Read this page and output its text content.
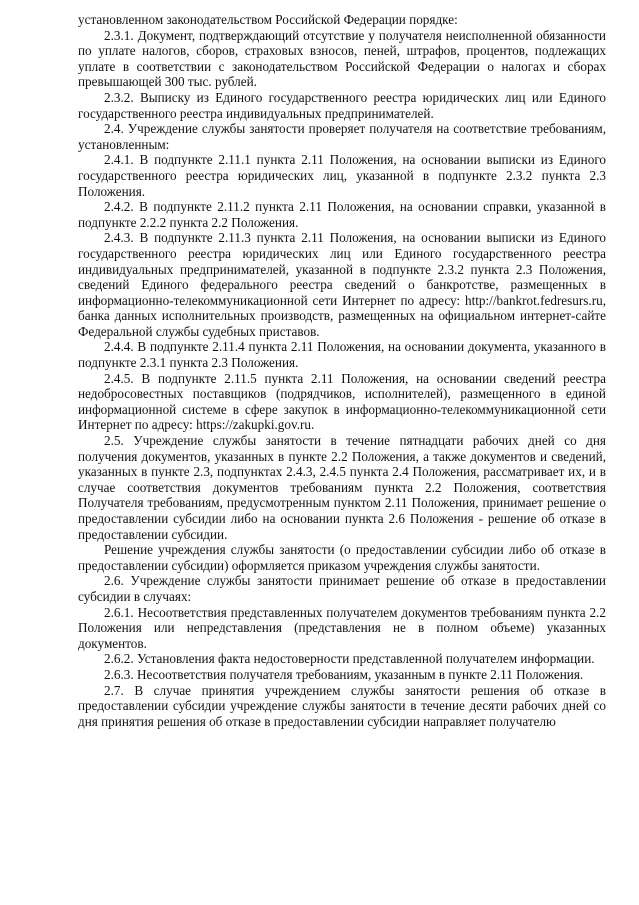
установленном законодательством Российской Федерации порядке:

2.3.1. Документ, подтверждающий отсутствие у получателя неисполненной обязанности по уплате налогов, сборов, страховых взносов, пеней, штрафов, процентов, подлежащих уплате в соответствии с законодательством Российской Федерации о налогах и сборах превышающей 300 тыс. рублей.

2.3.2. Выписку из Единого государственного реестра юридических лиц или Единого государственного реестра индивидуальных предпринимателей.

2.4. Учреждение службы занятости проверяет получателя на соответствие требованиям, установленным:

2.4.1. В подпункте 2.11.1 пункта 2.11 Положения, на основании выписки из Единого государственного реестра юридических лиц, указанной в подпункте 2.3.2 пункта 2.3 Положения.

2.4.2. В подпункте 2.11.2 пункта 2.11 Положения, на основании справки, указанной в подпункте 2.2.2 пункта 2.2 Положения.

2.4.3. В подпункте 2.11.3 пункта 2.11 Положения, на основании выписки из Единого государственного реестра юридических лиц или Единого государственного реестра индивидуальных предпринимателей, указанной в подпункте 2.3.2 пункта 2.3 Положения, сведений Единого федерального реестра сведений о банкротстве, размещенных в информационно-телекоммуникационной сети Интернет по адресу: http://bankrot.fedresurs.ru, банка данных исполнительных производств, размещенных на официальном интернет-сайте Федеральной службы судебных приставов.

2.4.4. В подпункте 2.11.4 пункта 2.11 Положения, на основании документа, указанного в подпункте 2.3.1 пункта 2.3 Положения.

2.4.5. В подпункте 2.11.5 пункта 2.11 Положения, на основании сведений реестра недобросовестных поставщиков (подрядчиков, исполнителей), размещенного в единой информационной системе в сфере закупок в информационно-телекоммуникационной сети Интернет по адресу: https://zakupki.gov.ru.

2.5. Учреждение службы занятости в течение пятнадцати рабочих дней со дня получения документов, указанных в пункте 2.2 Положения, а также документов и сведений, указанных в пункте 2.3, подпунктах 2.4.3, 2.4.5 пункта 2.4 Положения, рассматривает их, и в случае соответствия документов требованиям пункта 2.2 Положения, соответствия Получателя требованиям, предусмотренным пунктом 2.11 Положения, принимает решение о предоставлении субсидии либо на основании пункта 2.6 Положения - решение об отказе в предоставлении субсидии.

Решение учреждения службы занятости (о предоставлении субсидии либо об отказе в предоставлении субсидии) оформляется приказом учреждения службы занятости.

2.6. Учреждение службы занятости принимает решение об отказе в предоставлении субсидии в случаях:

2.6.1. Несоответствия представленных получателем документов требованиям пункта 2.2 Положения или непредставления (представления не в полном объеме) указанных документов.

2.6.2. Установления факта недостоверности представленной получателем информации.

2.6.3. Несоответствия получателя требованиям, указанным в пункте 2.11 Положения.

2.7. В случае принятия учреждением службы занятости решения об отказе в предоставлении субсидии учреждение службы занятости в течение десяти рабочих дней со дня принятия решения об отказе в предоставлении субсидии направляет получателю
